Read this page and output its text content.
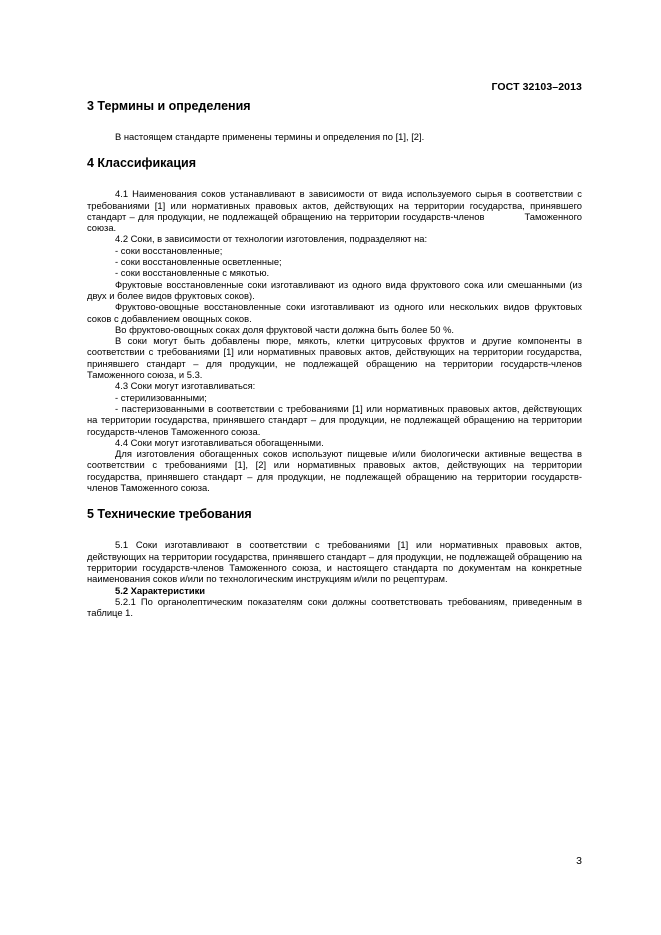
ГОСТ 32103–2013
3 Термины и определения

В настоящем стандарте применены термины и определения по [1], [2].

4 Классификация

4.1 Наименования соков устанавливают в зависимости от вида используемого сырья в соответствии с требованиями [1] или нормативных правовых актов, действующих на территории государства, принявшего стандарт – для продукции, не подлежащей обращению на территории государств-членов	Таможенного союза.

4.2 Соки, в зависимости от технологии изготовления, подразделяют на:

- соки восстановленные;

- соки восстановленные осветленные;

- соки восстановленные с мякотью.

Фруктовые восстановленные соки изготавливают из одного вида фруктового сока или смешанными (из двух и более видов фруктовых соков).

Фруктово-овощные восстановленные соки изготавливают из одного или нескольких видов фруктовых соков с добавлением овощных соков.

Во фруктово-овощных соках доля фруктовой части должна быть более 50 %.

В соки могут быть добавлены пюре, мякоть, клетки цитрусовых фруктов и другие компоненты в соответствии с требованиями [1] или нормативных правовых актов, действующих на территории государства, принявшего стандарт – для продукции, не подлежащей обращению на территории государств-членов Таможенного союза, и 5.3.

4.3 Соки могут изготавливаться:

- стерилизованными;

- пастеризованными в соответствии с требованиями [1] или нормативных правовых актов, действующих на территории государства, принявшего стандарт – для продукции, не подлежащей обращению на территории государств-членов Таможенного союза.

4.4 Соки могут изготавливаться обогащенными.

Для изготовления обогащенных соков используют пищевые и/или биологически активные вещества в соответствии с требованиями [1], [2] или нормативных правовых актов, действующих на территории государства, принявшего стандарт – для продукции, не подлежащей обращению на территории государств-членов Таможенного союза.

5 Технические требования

5.1 Соки изготавливают в соответствии с требованиями [1] или нормативных правовых актов, действующих на территории государства, принявшего стандарт – для продукции, не подлежащей обращению на территории государств-членов Таможенного союза, и настоящего стандарта по документам на конкретные наименования соков и/или по технологическим инструкциям и/или по рецептурам.

5.2 Характеристики

5.2.1 По органолептическим показателям соки должны соответствовать требованиям, приведенным в таблице 1.

3
